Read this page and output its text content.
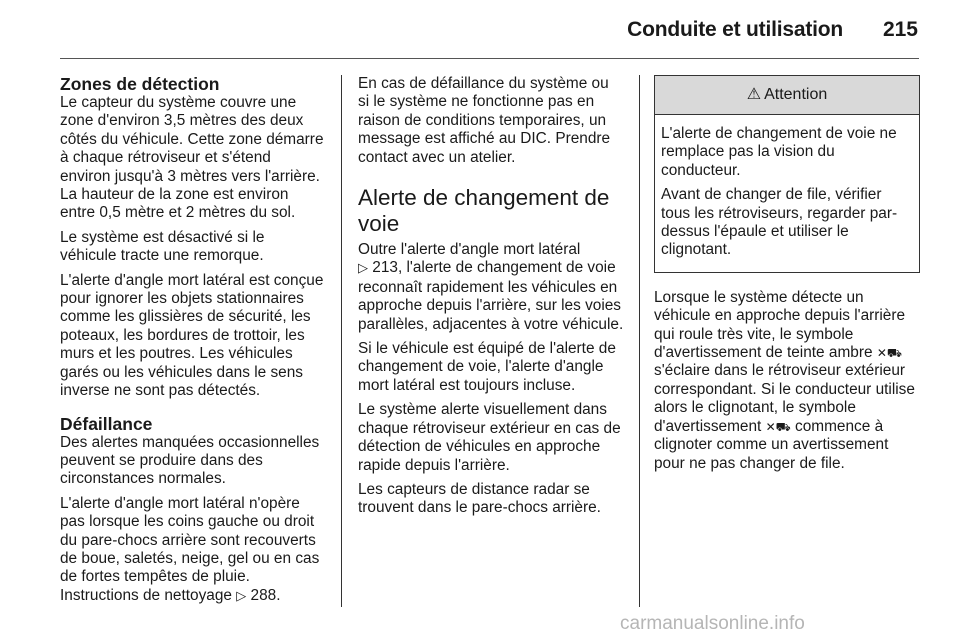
Conduite et utilisation 215
Zones de détection

Le capteur du système couvre une zone d'environ 3,5 mètres des deux côtés du véhicule. Cette zone démarre à chaque rétroviseur et s'étend environ jusqu'à 3 mètres vers l'arrière. La hauteur de la zone est environ entre 0,5 mètre et 2 mètres du sol.

Le système est désactivé si le véhicule tracte une remorque.

L'alerte d'angle mort latéral est conçue pour ignorer les objets stationnaires comme les glissières de sécurité, les poteaux, les bordures de trottoir, les murs et les poutres. Les véhicules garés ou les véhicules dans le sens inverse ne sont pas détectés.

Défaillance

Des alertes manquées occasionnelles peuvent se produire dans des circonstances normales.

L'alerte d'angle mort latéral n'opère pas lorsque les coins gauche ou droit du pare-chocs arrière sont recouverts de boue, saletés, neige, gel ou en cas de fortes tempêtes de pluie. Instructions de nettoyage ▷ 288.

En cas de défaillance du système ou si le système ne fonctionne pas en raison de conditions temporaires, un message est affiché au DIC. Prendre contact avec un atelier.

Alerte de changement de voie

Outre l'alerte d'angle mort latéral
▷ 213, l'alerte de changement de voie reconnaît rapidement les véhicules en approche depuis l'arrière, sur les voies parallèles, adjacentes à votre véhicule.

Si le véhicule est équipé de l'alerte de changement de voie, l'alerte d'angle mort latéral est toujours incluse.

Le système alerte visuellement dans chaque rétroviseur extérieur en cas de détection de véhicules en approche rapide depuis l'arrière.

Les capteurs de distance radar se trouvent dans le pare-chocs arrière.

⚠ Attention

L'alerte de changement de voie ne remplace pas la vision du conducteur.

Avant de changer de file, vérifier tous les rétroviseurs, regarder par-dessus l'épaule et utiliser le clignotant.

Lorsque le système détecte un véhicule en approche depuis l'arrière qui roule très vite, le symbole d'avertissement de teinte ambre ✕⛟ s'éclaire dans le rétroviseur extérieur correspondant. Si le conducteur utilise alors le clignotant, le symbole d'avertissement ✕⛟ commence à clignoter comme un avertissement pour ne pas changer de file.

carmanualsonline.info
